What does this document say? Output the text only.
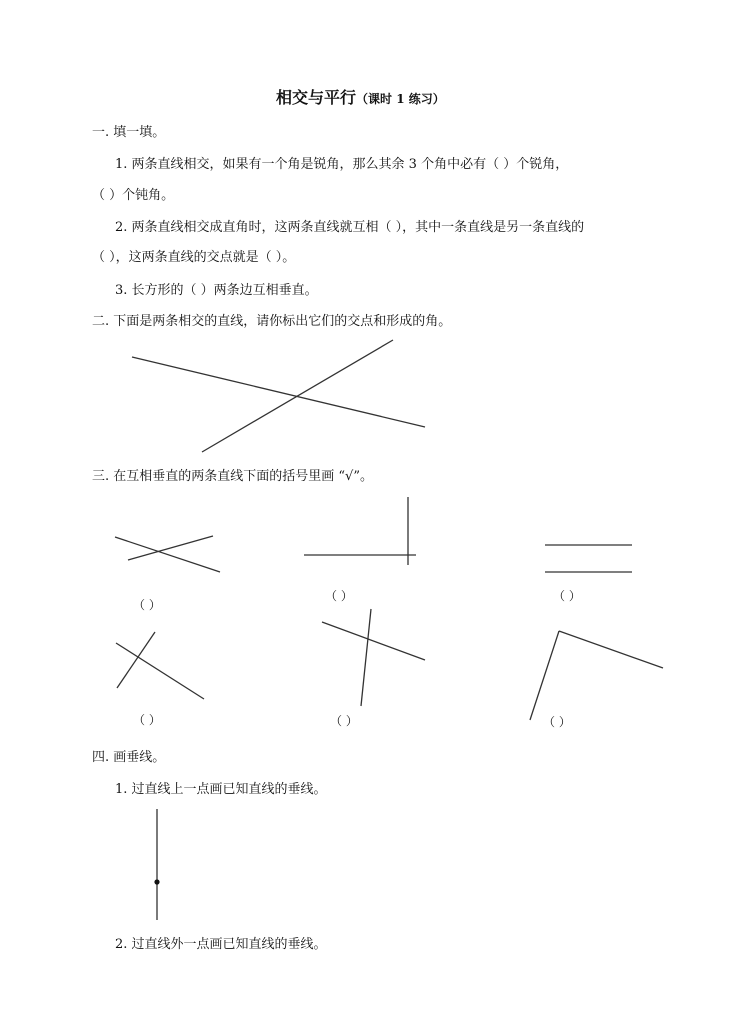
相交与平行（课时 1 练习）
一. 填一填。
1. 两条直线相交，如果有一个角是锐角，那么其余 3 个角中必有（ ）个锐角，
（ ）个钝角。
2. 两条直线相交成直角时，这两条直线就互相（ ），其中一条直线是另一条直线的
（ ），这两条直线的交点就是（ ）。
3. 长方形的（ ）两条边互相垂直。
二. 下面是两条相交的直线，请你标出它们的交点和形成的角。
三. 在互相垂直的两条直线下面的括号里画 “√”。
（ ）
（ ）	（ ）
（ ）	（ ）	（ ）
四. 画垂线。
1. 过直线上一点画已知直线的垂线。
2. 过直线外一点画已知直线的垂线。
